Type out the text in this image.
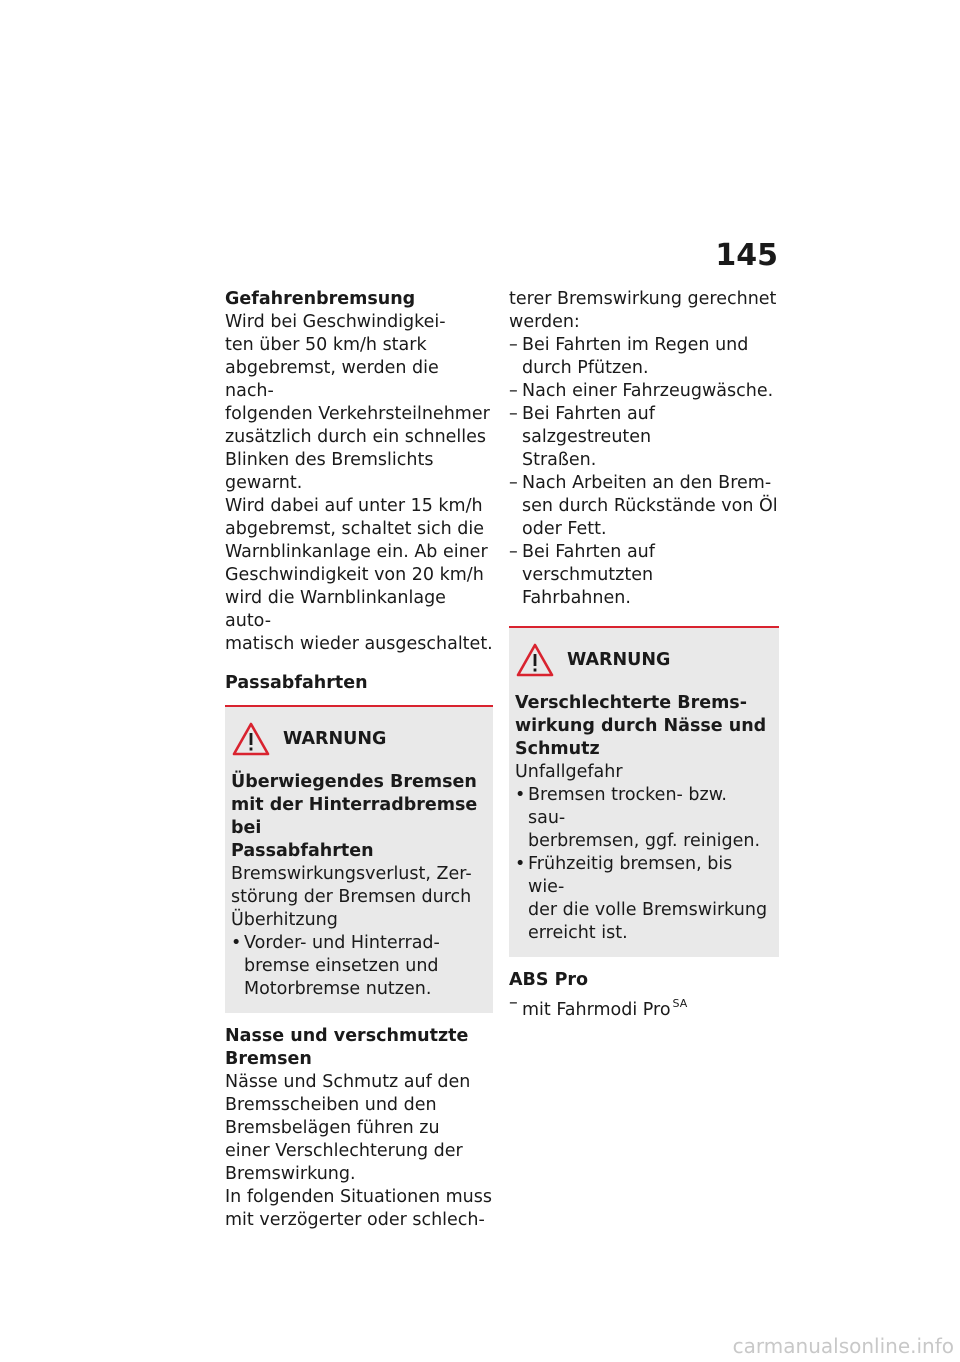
145

Gefahrenbremsung

Wird bei Geschwindigkei-

ten über 50 km/h stark

abgebremst, werden die nach-

folgenden Verkehrsteilnehmer

zusätzlich durch ein schnelles

Blinken des Bremslichts

gewarnt.

Wird dabei auf unter 15 km/h

abgebremst, schaltet sich die

Warnblinkanlage ein. Ab einer

Geschwindigkeit von 20 km/h

wird die Warnblinkanlage auto-

matisch wieder ausgeschaltet.

Passabfahrten

WARNUNG

Überwiegendes Bremsen

mit der Hinterradbremse bei

Passabfahrten

Bremswirkungsverlust, Zer-

störung der Bremsen durch

Überhitzung

• Vorder- und Hinterrad-
bremse einsetzen und
Motorbremse nutzen.

Nasse und verschmutzte

Bremsen

Nässe und Schmutz auf den

Bremsscheiben und den

Bremsbelägen führen zu

einer Verschlechterung der

Bremswirkung.

In folgenden Situationen muss

mit verzögerter oder schlech-

terer Bremswirkung gerechnet

werden:

– Bei Fahrten im Regen und
durch Pfützen.
– Nach einer Fahrzeugwäsche.
– Bei Fahrten auf salzgestreuten
Straßen.
– Nach Arbeiten an den Brem-
sen durch Rückstände von Öl
oder Fett.
– Bei Fahrten auf verschmutzten
Fahrbahnen.
WARNUNG

Verschlechterte Brems-

wirkung durch Nässe und

Schmutz

Unfallgefahr

• Bremsen trocken- bzw. sau-
berbremsen, ggf. reinigen.
• Frühzeitig bremsen, bis wie-
der die volle Bremswirkung
erreicht ist.

ABS Pro

– mit Fahrmodi Pro $^{SA}$
carmanualsonline.info
